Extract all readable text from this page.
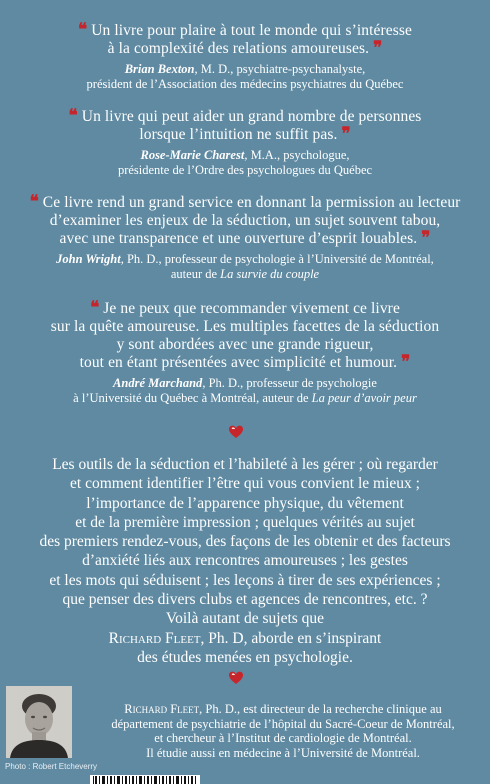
❝ Un livre pour plaire à tout le monde qui s’intéresse
à la complexité des relations amoureuses. ❞
Brian Bexton, M. D., psychiatre-psychanalyste,
président de l’Association des médecins psychiatres du Québec
❝ Un livre qui peut aider un grand nombre de personnes
lorsque l’intuition ne suffit pas. ❞
Rose-Marie Charest, M.A., psychologue,
présidente de l’Ordre des psychologues du Québec
❝ Ce livre rend un grand service en donnant la permission au lecteur
d’examiner les enjeux de la séduction, un sujet souvent tabou,
avec une transparence et une ouverture d’esprit louables. ❞
John Wright, Ph. D., professeur de psychologie à l’Université de Montréal,
auteur de La survie du couple
❝ Je ne peux que recommander vivement ce livre
sur la quête amoureuse. Les multiples facettes de la séduction
y sont abordées avec une grande rigueur,
tout en étant présentées avec simplicité et humour. ❞
André Marchand, Ph. D., professeur de psychologie
à l’Université du Québec à Montréal, auteur de La peur d’avoir peur
Les outils de la séduction et l’habileté à les gérer ; où regarder
et comment identifier l’être qui vous convient le mieux ;
l’importance de l’apparence physique, du vêtement
et de la première impression ; quelques vérités au sujet
des premiers rendez-vous, des façons de les obtenir et des facteurs
d’anxiété liés aux rencontres amoureuses ; les gestes
et les mots qui séduisent ; les leçons à tirer de ses expériences ;
que penser des divers clubs et agences de rencontres, etc. ?
Voilà autant de sujets que
Richard Fleet, Ph. D, aborde en s’inspirant
des études menées en psychologie.
Richard Fleet, Ph. D., est directeur de la recherche clinique au
département de psychiatrie de l’hôpital du Sacré-Coeur de Montréal,
et chercheur à l’Institut de cardiologie de Montréal.
Il étudie aussi en médecine à l’Université de Montréal.
Photo : Robert Etcheverry
